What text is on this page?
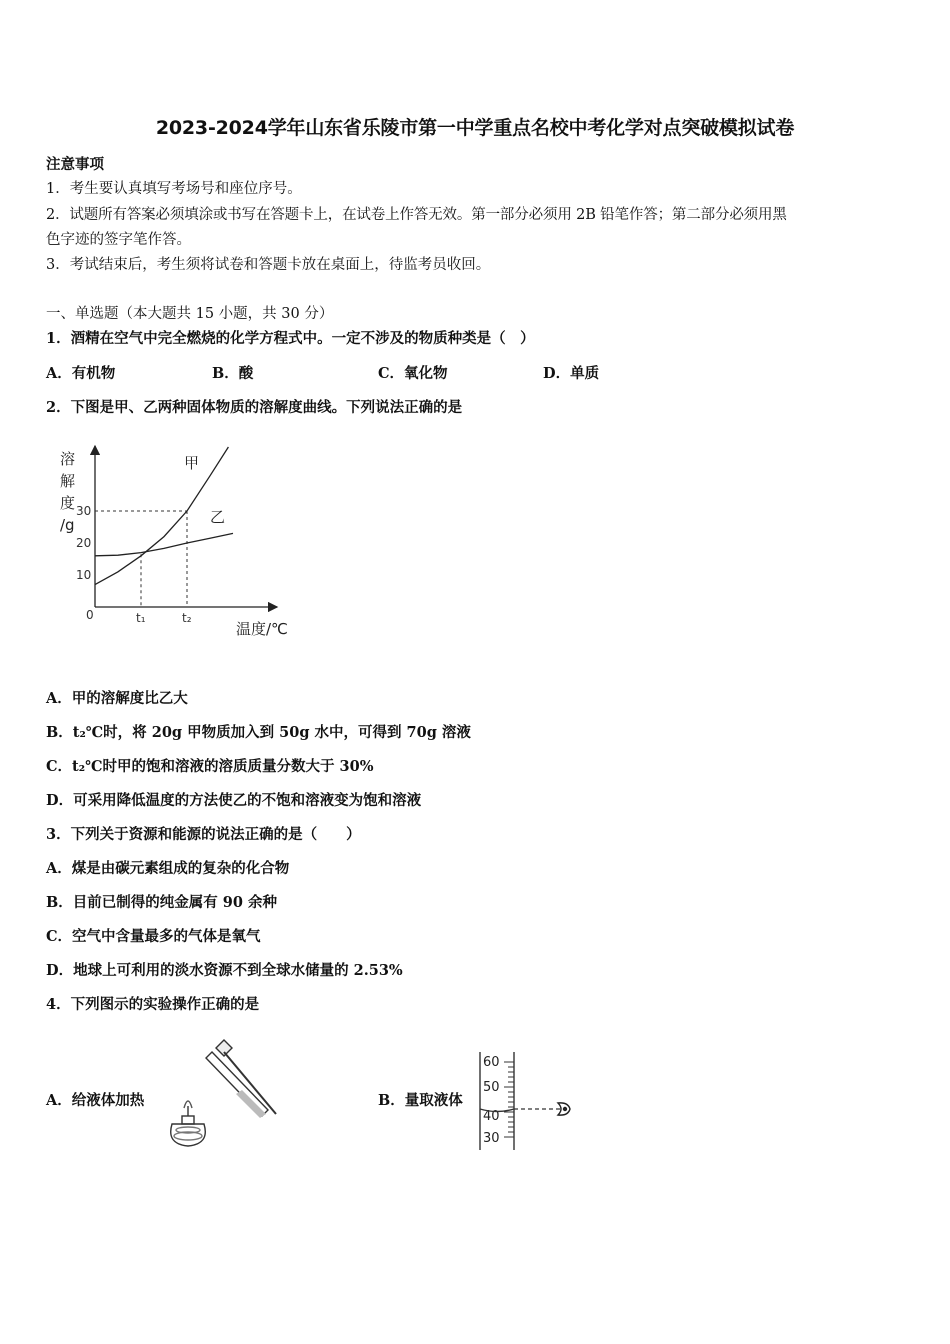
2023-2024学年山东省乐陵市第一中学重点名校中考化学对点突破模拟试卷
注意事项
1．考生要认真填写考场号和座位序号。
2．试题所有答案必须填涂或书写在答题卡上，在试卷上作答无效。第一部分必须用 2B 铅笔作答；第二部分必须用黑
色字迹的签字笔作答。
3．考试结束后，考生须将试卷和答题卡放在桌面上，待监考员收回。
一、单选题（本大题共 15 小题，共 30 分）
1．酒精在空气中完全燃烧的化学方程式中。一定不涉及的物质种类是（　）
A．有机物	B．酸	C．氧化物	D．单质
2．下图是甲、乙两种固体物质的溶解度曲线。下列说法正确的是
溶
解
度
/g
0
10
20
30
t₁	t₂
甲
乙
温度/℃
A．甲的溶解度比乙大
B．t₂℃时，将 20g 甲物质加入到 50g 水中，可得到 70g 溶液
C．t₂℃时甲的饱和溶液的溶质质量分数大于 30%
D．可采用降低温度的方法使乙的不饱和溶液变为饱和溶液
3．下列关于资源和能源的说法正确的是（　　）
A．煤是由碳元素组成的复杂的化合物
B．目前已制得的纯金属有 90 余种
C．空气中含量最多的气体是氧气
D．地球上可利用的淡水资源不到全球水储量的 2.53%
4．下列图示的实验操作正确的是
A．给液体加热	B．量取液体
60
50
40
30
